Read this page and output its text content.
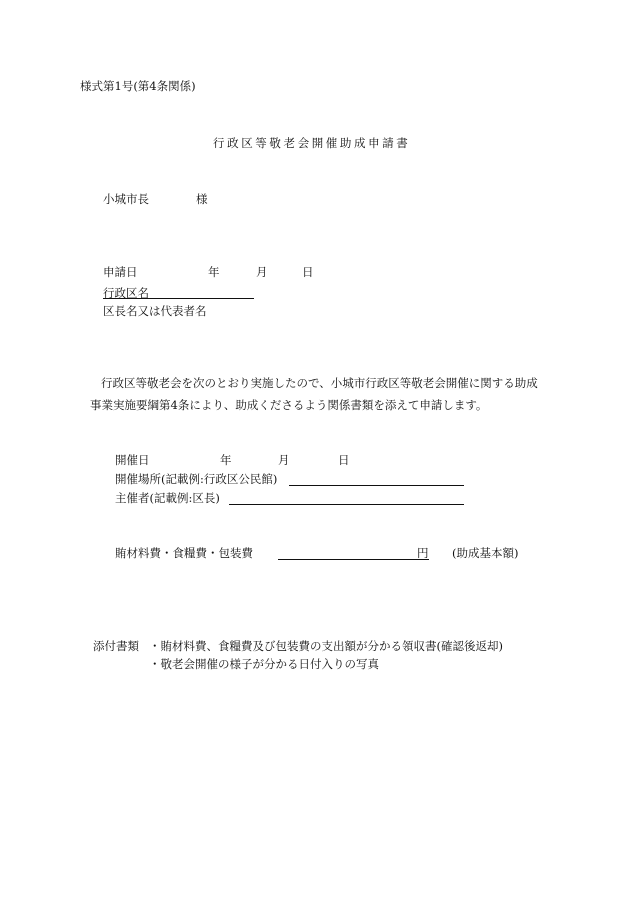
様式第1号(第4条関係)
行政区等敬老会開催助成申請書
小城市長	様
申請日	年	月	日
行政区名
区長名又は代表者名
行政区等敬老会を次のとおり実施したので、小城市行政区等敬老会開催に関する助成
事業実施要綱第4条により、助成くださるよう関係書類を添えて申請します。
開催日	年	月	日
開催場所(記載例:行政区公民館)
主催者(記載例:区長)
賄材料費・食糧費・包装費	円 (助成基本額)
添付書類 ・賄材料費、食糧費及び包装費の支出額が分かる領収書(確認後返却)
・敬老会開催の様子が分かる日付入りの写真
